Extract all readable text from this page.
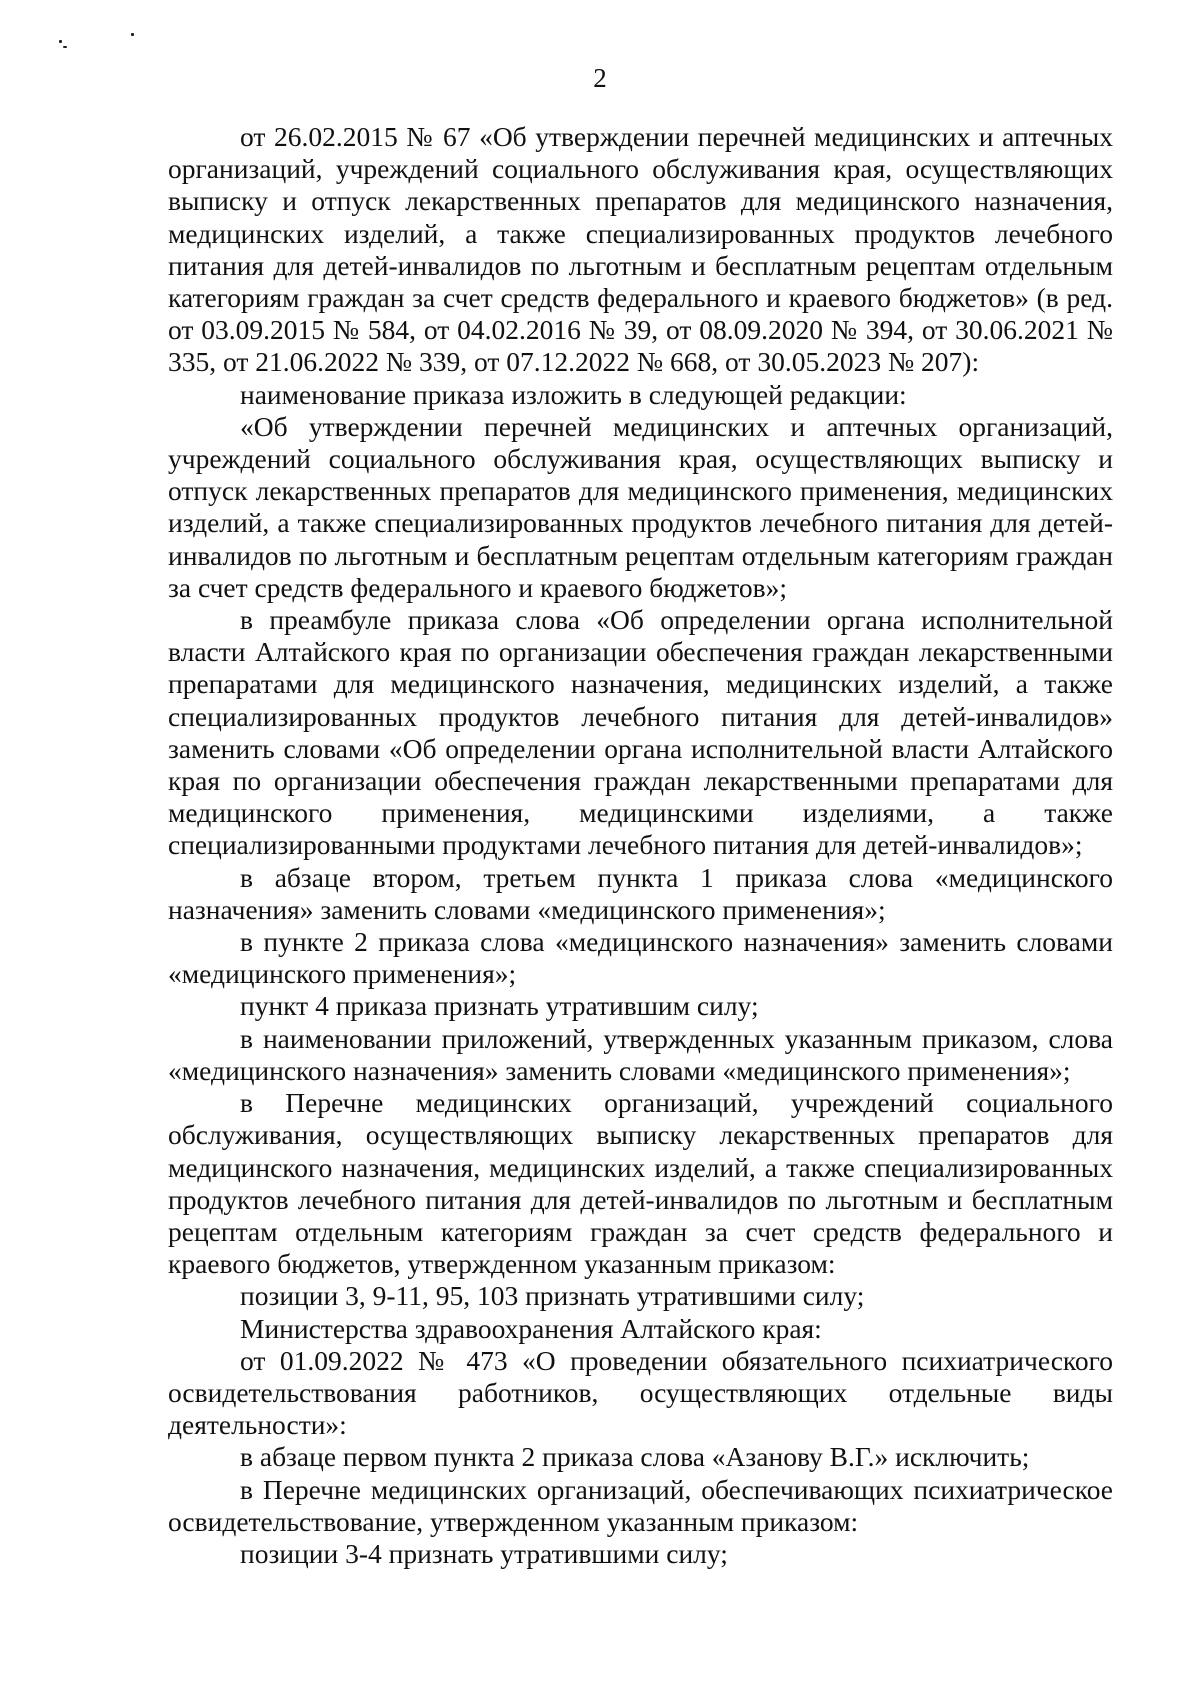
2

от 26.02.2015 № 67 «Об утверждении перечней медицинских и аптечных организаций, учреждений социального обслуживания края, осуществляющих выписку и отпуск лекарственных препаратов для медицинского назначения, медицинских изделий, а также специализированных продуктов лечебного питания для детей-инвалидов по льготным и бесплатным рецептам отдельным категориям граждан за счет средств федерального и краевого бюджетов» (в ред. от 03.09.2015 № 584, от 04.02.2016 № 39, от 08.09.2020 № 394, от 30.06.2021 № 335, от 21.06.2022 № 339, от 07.12.2022 № 668, от 30.05.2023 № 207):

наименование приказа изложить в следующей редакции:

«Об утверждении перечней медицинских и аптечных организаций, учреждений социального обслуживания края, осуществляющих выписку и отпуск лекарственных препаратов для медицинского применения, медицинских изделий, а также специализированных продуктов лечебного питания для детей-инвалидов по льготным и бесплатным рецептам отдельным категориям граждан за счет средств федерального и краевого бюджетов»;

в преамбуле приказа слова «Об определении органа исполнительной власти Алтайского края по организации обеспечения граждан лекарственными препаратами для медицинского назначения, медицинских изделий, а также специализированных продуктов лечебного питания для детей-инвалидов» заменить словами «Об определении органа исполнительной власти Алтайского края по организации обеспечения граждан лекарственными препаратами для медицинского применения, медицинскими изделиями, а также специализированными продуктами лечебного питания для детей-инвалидов»;

в абзаце втором, третьем пункта 1 приказа слова «медицинского назначения» заменить словами «медицинского применения»;

в пункте 2 приказа слова «медицинского назначения» заменить словами «медицинского применения»;

пункт 4 приказа признать утратившим силу;

в наименовании приложений, утвержденных указанным приказом, слова «медицинского назначения» заменить словами «медицинского применения»;

в Перечне медицинских организаций, учреждений социального обслуживания, осуществляющих выписку лекарственных препаратов для медицинского назначения, медицинских изделий, а также специализированных продуктов лечебного питания для детей-инвалидов по льготным и бесплатным рецептам отдельным категориям граждан за счет средств федерального и краевого бюджетов, утвержденном указанным приказом:

позиции 3, 9-11, 95, 103 признать утратившими силу;

Министерства здравоохранения Алтайского края:

от 01.09.2022 № 473 «О проведении обязательного психиатрического освидетельствования работников, осуществляющих отдельные виды деятельности»:

в абзаце первом пункта 2 приказа слова «Азанову В.Г.» исключить;

в Перечне медицинских организаций, обеспечивающих психиатрическое освидетельствование, утвержденном указанным приказом:

позиции 3-4 признать утратившими силу;
